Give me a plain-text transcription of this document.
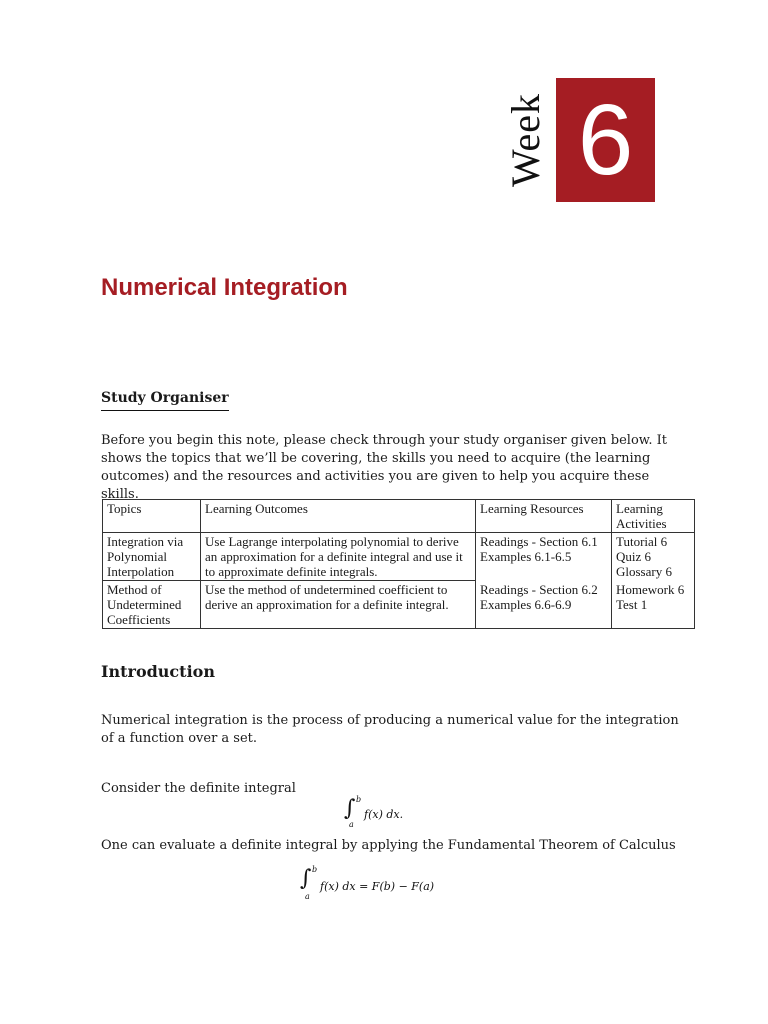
Week 6
Numerical Integration
Study Organiser

Before you begin this note, please check through your study organiser given below. It shows the topics that we’ll be covering, the skills you need to acquire (the learning outcomes) and the resources and activities you are given to help you acquire these skills.

Topics	Learning Outcomes	Learning Resources	Learning Activities
Integration via Polynomial Interpolation	Use Lagrange interpolating polynomial to derive an approximation for a definite integral and use it to approximate definite integrals.	Readings - Section 6.1 Examples 6.1-6.5	Tutorial 6 Quiz 6 Glossary 6
Method of Undetermined Coefficients	Use the method of undetermined coefficient to derive an approximation for a definite integral.	Readings - Section 6.2 Examples 6.6-6.9	Homework 6 Test 1
Introduction

Numerical integration is the process of producing a numerical value for the integration of a function over a set.

Consider the definite integral

∫ b
a
f(x) dx.

One can evaluate a definite integral by applying the Fundamental Theorem of Calculus

∫ b
a
f(x) dx = F(b) − F(a)
